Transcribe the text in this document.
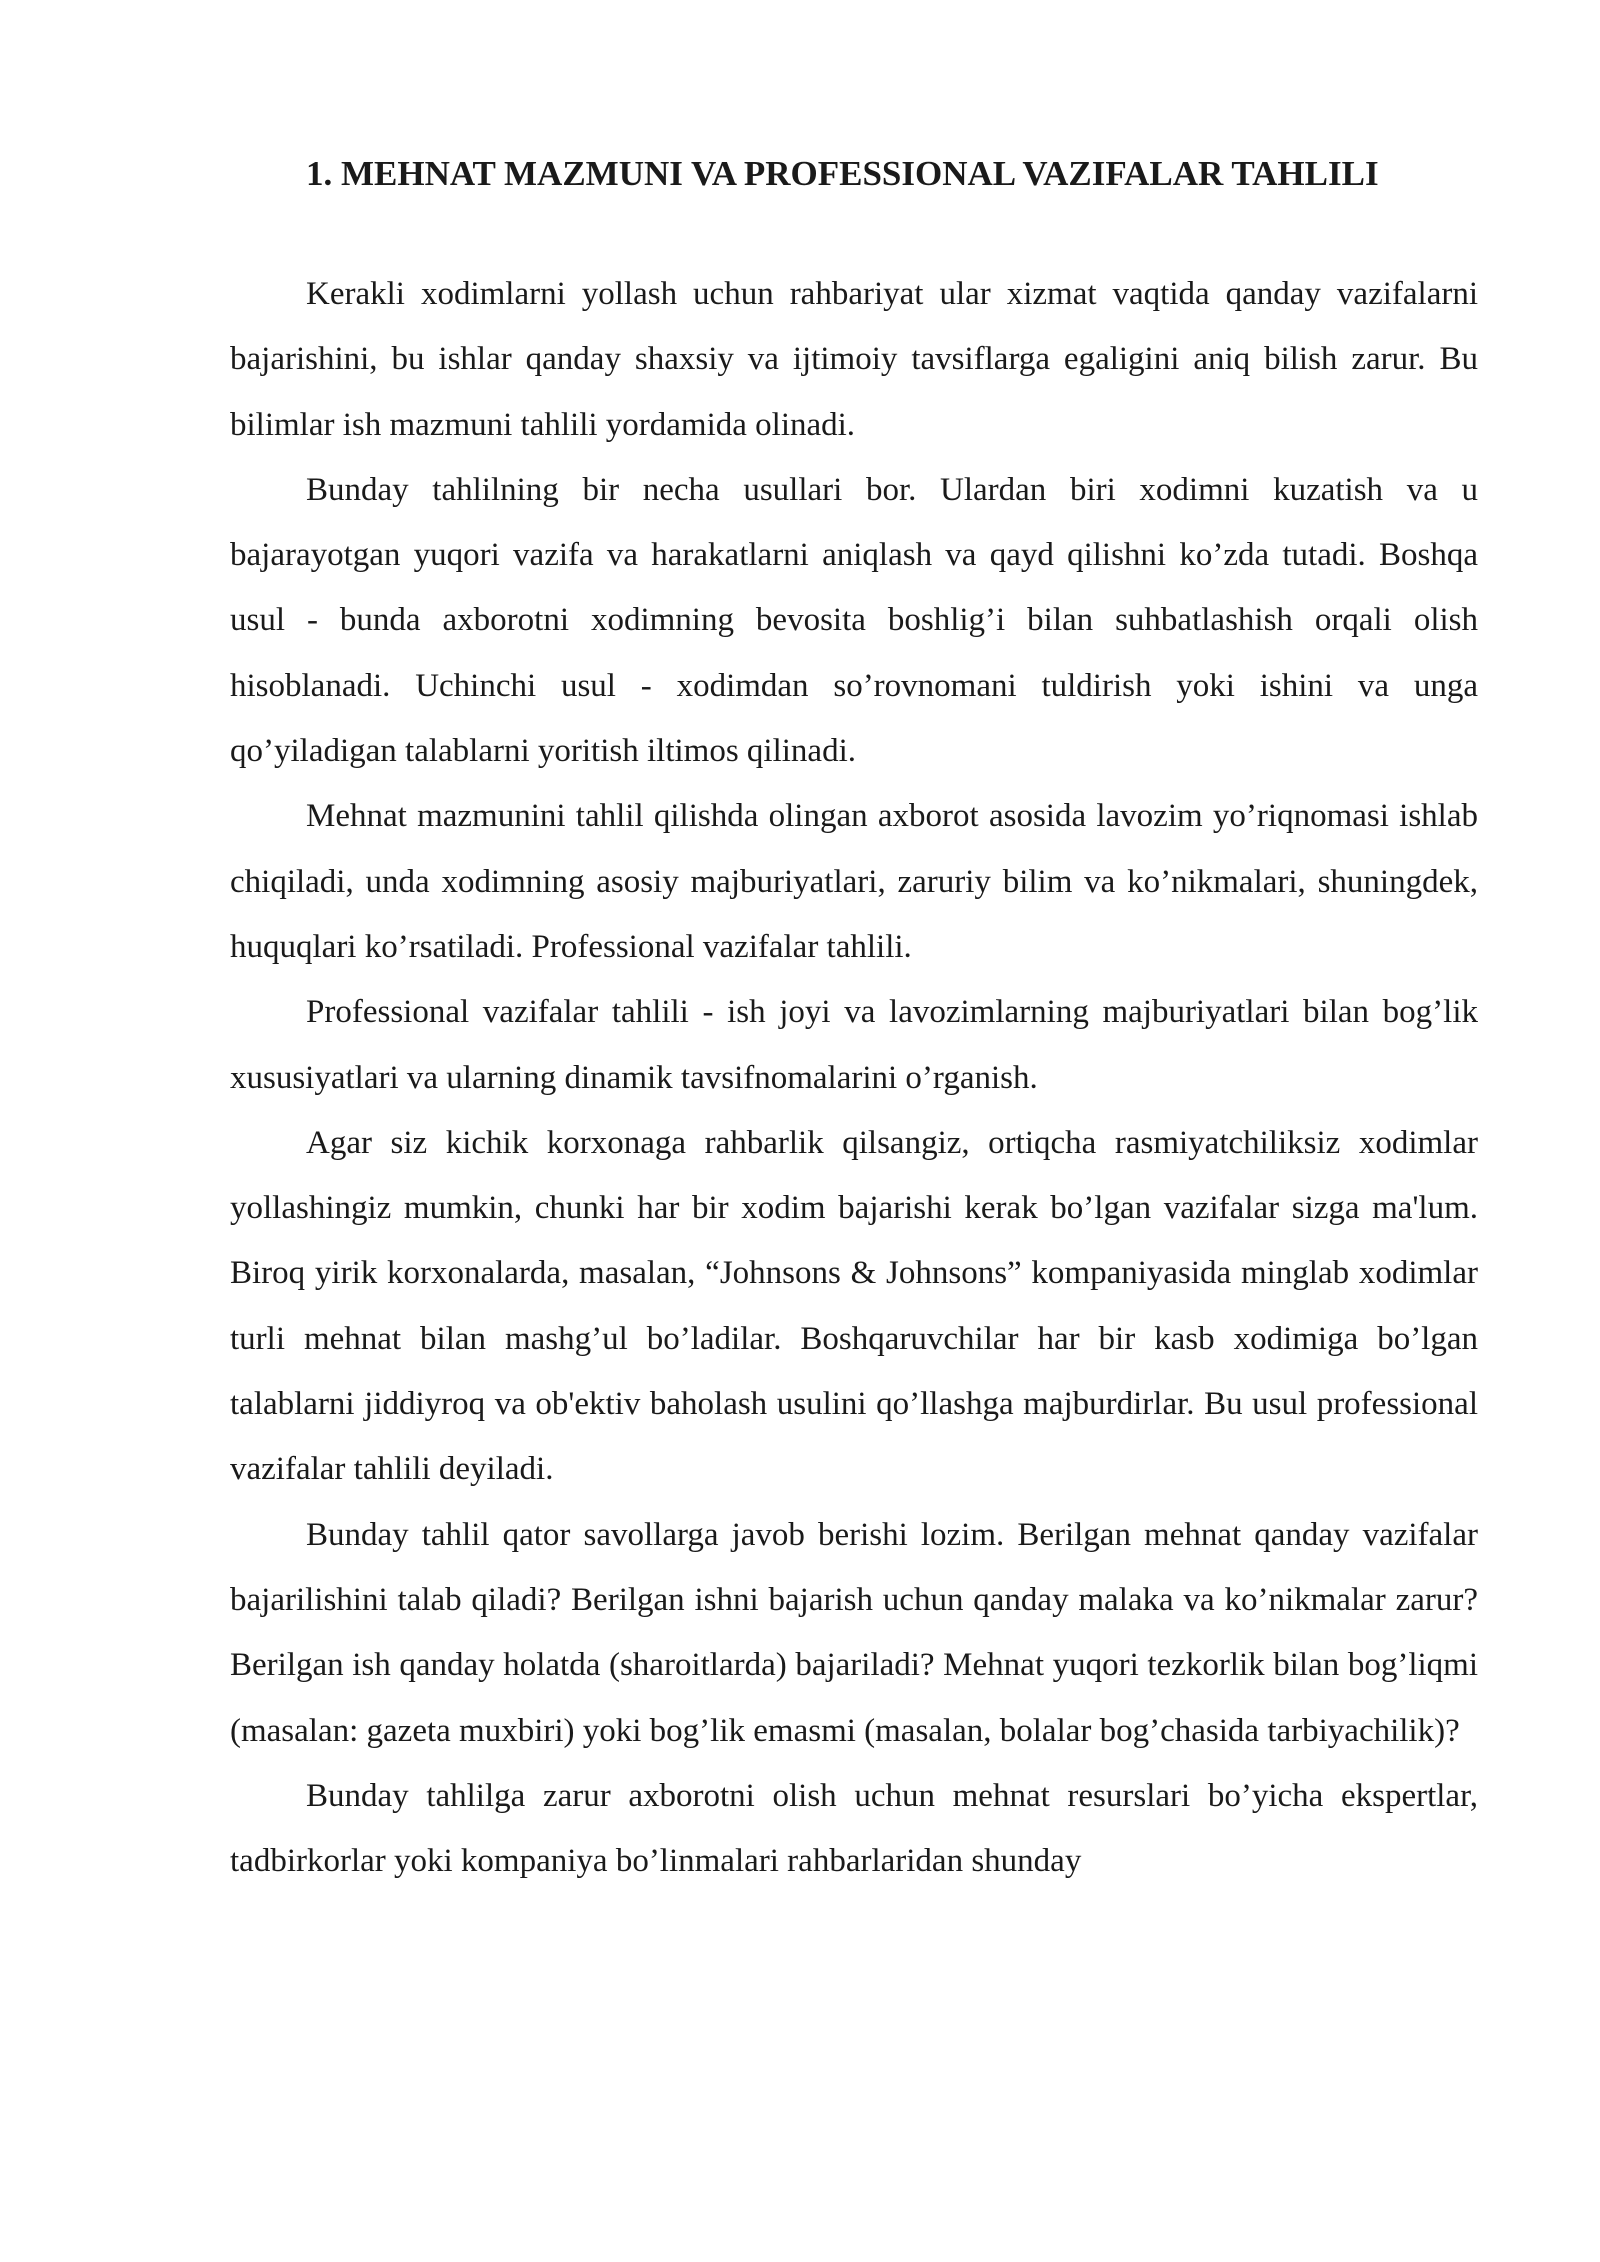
1. MEHNAT MAZMUNI VA PROFESSIONAL VAZIFALAR TAHLILI

Kerakli xodimlarni yollash uchun rahbariyat ular xizmat vaqtida qanday vazifalarni bajarishini, bu ishlar qanday shaxsiy va ijtimoiy tavsiflarga egaligini aniq bilish zarur. Bu bilimlar ish mazmuni tahlili yordamida olinadi.

Bunday tahlilning bir necha usullari bor. Ulardan biri xodimni kuzatish va u bajarayotgan yuqori vazifa va harakatlarni aniqlash va qayd qilishni ko’zda tutadi. Boshqa usul - bunda axborotni xodimning bevosita boshlig’i bilan suhbatlashish orqali olish hisoblanadi. Uchinchi usul - xodimdan so’rovnomani tuldirish yoki ishini va unga qo’yiladigan talablarni yoritish iltimos qilinadi.

Mehnat mazmunini tahlil qilishda olingan axborot asosida lavozim yo’riqnomasi ishlab chiqiladi, unda xodimning asosiy majburiyatlari, zaruriy bilim va ko’nikmalari, shuningdek, huquqlari ko’rsatiladi. Professional vazifalar tahlili.

Professional vazifalar tahlili - ish joyi va lavozimlarning majburiyatlari bilan bog’lik xususiyatlari va ularning dinamik tavsifnomalarini o’rganish.

Agar siz kichik korxonaga rahbarlik qilsangiz, ortiqcha rasmiyatchiliksiz xodimlar yollashingiz mumkin, chunki har bir xodim bajarishi kerak bo’lgan vazifalar sizga ma'lum. Biroq yirik korxonalarda, masalan, “Johnsons & Johnsons” kompaniyasida minglab xodimlar turli mehnat bilan mashg’ul bo’ladilar. Boshqaruvchilar har bir kasb xodimiga bo’lgan talablarni jiddiyroq va ob'ektiv baholash usulini qo’llashga majburdirlar. Bu usul professional vazifalar tahlili deyiladi.

Bunday tahlil qator savollarga javob berishi lozim. Berilgan mehnat qanday vazifalar bajarilishini talab qiladi? Berilgan ishni bajarish uchun qanday malaka va ko’nikmalar zarur? Berilgan ish qanday holatda (sharoitlarda) bajariladi? Mehnat yuqori tezkorlik bilan bog’liqmi (masalan: gazeta muxbiri) yoki bog’lik emasmi (masalan, bolalar bog’chasida tarbiyachilik)?

Bunday tahlilga zarur axborotni olish uchun mehnat resurslari bo’yicha ekspertlar, tadbirkorlar yoki kompaniya bo’linmalari rahbarlaridan shunday
